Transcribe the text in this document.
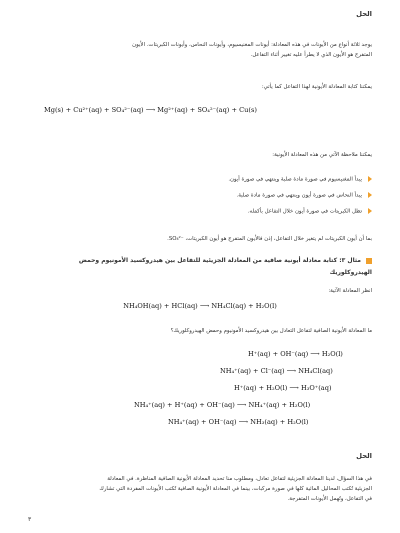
الحل
يوجد ثلاثة أنواع من الأيونات في هذه المعادلة: أيونات المغنيسيوم، وأيونات النحاس، وأيونات الكبريتات. الأيون
المتفرج هو الأيون الذي لا يطرأ عليه تغيير أثناء التفاعل.
يمكننا كتابة المعادلة الأيونية لهذا التفاعل كما يأتي:
Mg(s) + Cu²⁺(aq) + SO₄²⁻(aq) ⟶ Mg²⁺(aq) + SO₄²⁻(aq) + Cu(s)
يمكننا ملاحظة الآتي من هذه المعادلة الأيونية:
يبدأ المغنيسيوم في صورة مادة صلبة وينتهي في صورة أيون.
يبدأ النحاس في صورة أيون وينتهي في صورة مادة صلبة.
تظل الكبريتات في صورة أيون خلال التفاعل بأكمله.
بما أن أيون الكبريتات لم يتغير خلال التفاعل، إذن فالأيون المتفرج هو أيون الكبريتات، ‎SO₄²⁻‎.
مثال ٣: كتابة معادلة أيونية صافية من المعادلة الجزيئية للتفاعل بين هيدروكسيد الأمونيوم وحمض
الهيدروكلوريك
انظر المعادلة الآتية:
NH₄OH(aq) + HCl(aq) ⟶ NH₄Cl(aq) + H₂O(l)
ما المعادلة الأيونية الصافية لتفاعل التعادل بين هيدروكسيد الأمونيوم وحمض الهيدروكلوريك؟
H⁺(aq) + OH⁻(aq) ⟶ H₂O(l)
NH₄⁺(aq) + Cl⁻(aq) ⟶ NH₄Cl(aq)
H⁺(aq) + H₂O(l) ⟶ H₃O⁺(aq)
NH₄⁺(aq) + H⁺(aq) + OH⁻(aq) ⟶ NH₄⁺(aq) + H₂O(l)
NH₄⁺(aq) + OH⁻(aq) ⟶ NH₃(aq) + H₂O(l)
الحل
في هذا السؤال، لدينا المعادلة الجزيئية لتفاعل تعادل، ومطلوب منا تحديد المعادلة الأيونية الصافية المناظرة. في المعادلة
الجزيئية تُكتب المحاليل المائية كلها في صورة مركبات، بينما في المعادلة الأيونية الصافية تُكتب الأيونات المفردة التي تشارك
في التفاعل، وتُهمل الأيونات المتفرجة.
٣
